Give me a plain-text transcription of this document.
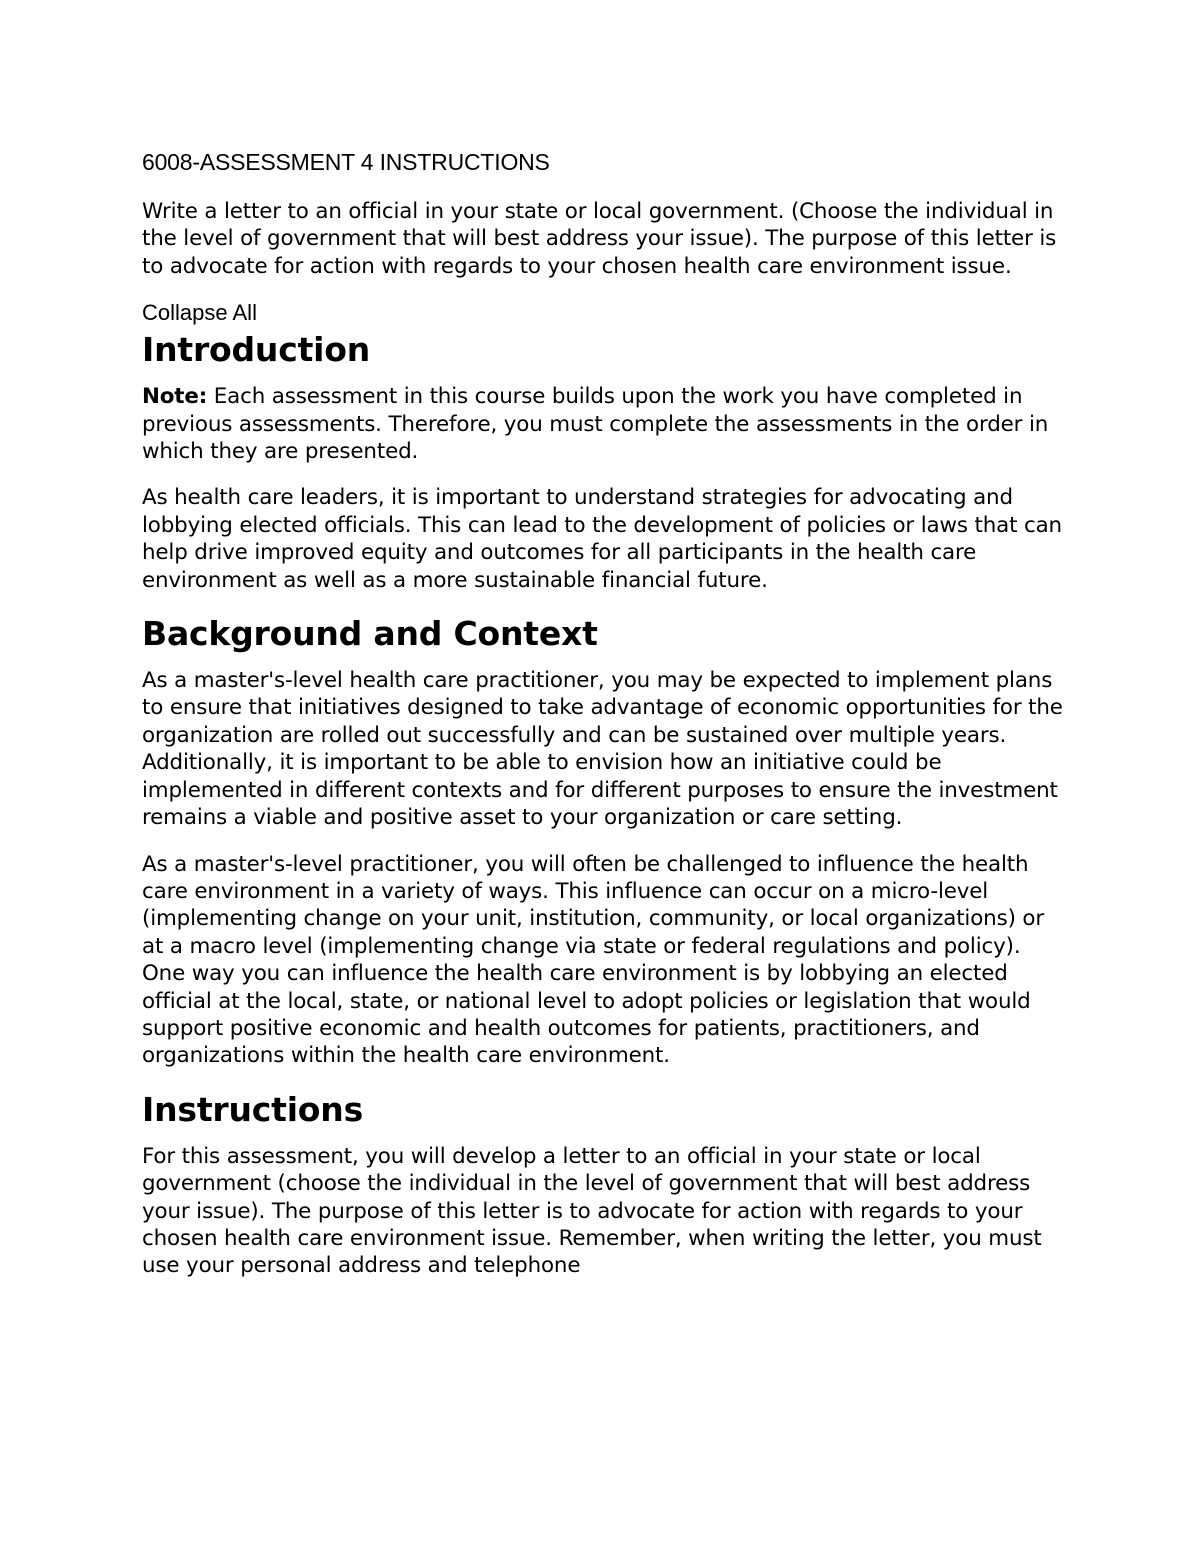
6008-ASSESSMENT 4 INSTRUCTIONS

Write a letter to an official in your state or local government. (Choose the individual in the level of government that will best address your issue). The purpose of this letter is to advocate for action with regards to your chosen health care environment issue.

Collapse All
Introduction

Note: Each assessment in this course builds upon the work you have completed in previous assessments. Therefore, you must complete the assessments in the order in which they are presented.

As health care leaders, it is important to understand strategies for advocating and lobbying elected officials. This can lead to the development of policies or laws that can help drive improved equity and outcomes for all participants in the health care environment as well as a more sustainable financial future.

Background and Context

As a master's-level health care practitioner, you may be expected to implement plans to ensure that initiatives designed to take advantage of economic opportunities for the organization are rolled out successfully and can be sustained over multiple years. Additionally, it is important to be able to envision how an initiative could be implemented in different contexts and for different purposes to ensure the investment remains a viable and positive asset to your organization or care setting.

As a master's-level practitioner, you will often be challenged to influence the health care environment in a variety of ways. This influence can occur on a micro-level (implementing change on your unit, institution, community, or local organizations) or at a macro level (implementing change via state or federal regulations and policy). One way you can influence the health care environment is by lobbying an elected official at the local, state, or national level to adopt policies or legislation that would support positive economic and health outcomes for patients, practitioners, and organizations within the health care environment.

Instructions

For this assessment, you will develop a letter to an official in your state or local government (choose the individual in the level of government that will best address your issue). The purpose of this letter is to advocate for action with regards to your chosen health care environment issue. Remember, when writing the letter, you must use your personal address and telephone
